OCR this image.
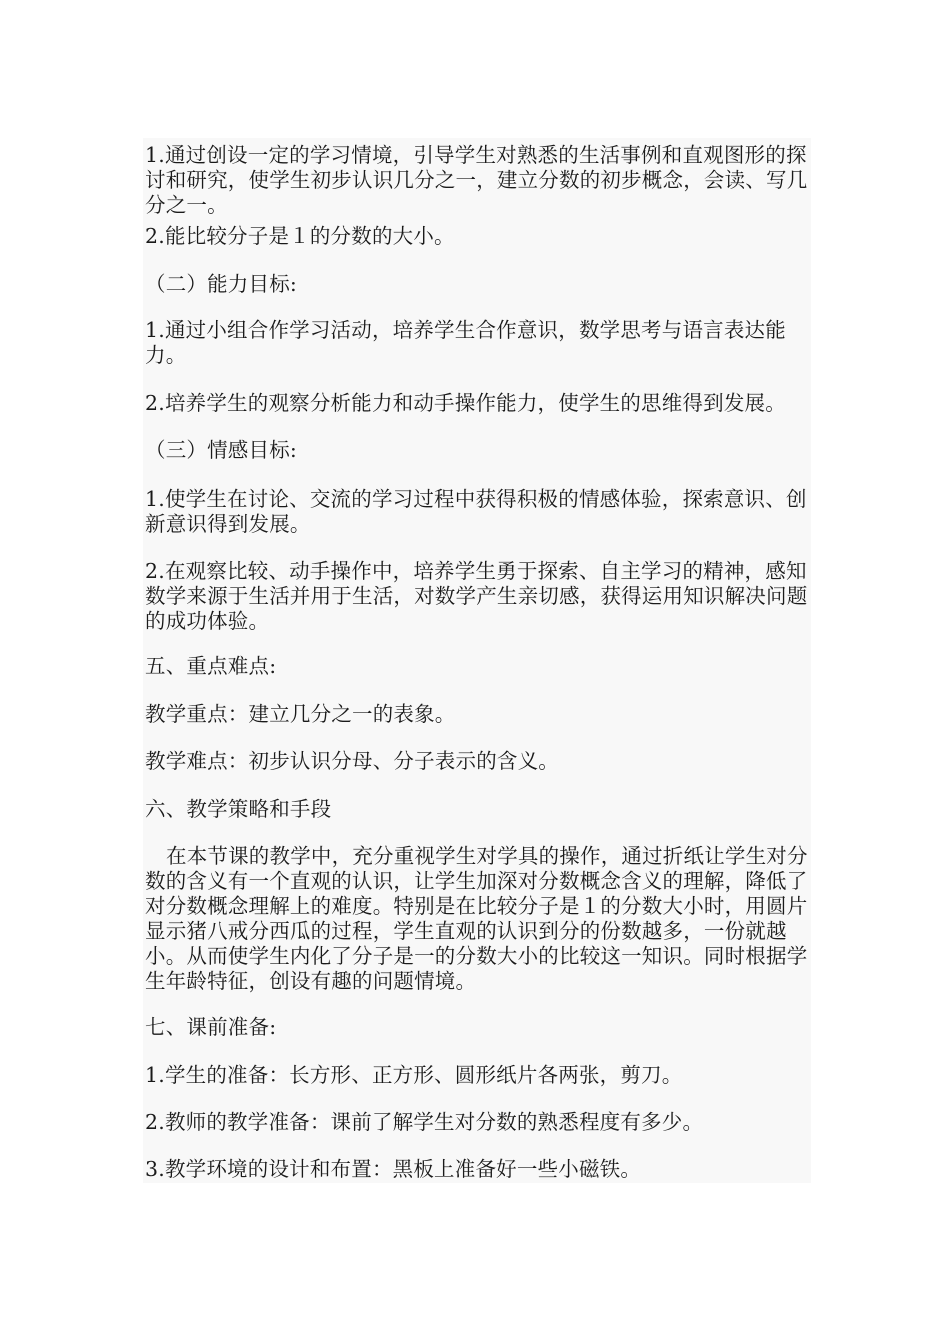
1.通过创设一定的学习情境，引导学生对熟悉的生活事例和直观图形的探讨和研究，使学生初步认识几分之一，建立分数的初步概念，会读、写几分之一。

2.能比较分子是１的分数的大小。

（二）能力目标:

1.通过小组合作学习活动，培养学生合作意识，数学思考与语言表达能力。

2.培养学生的观察分析能力和动手操作能力，使学生的思维得到发展。

（三）情感目标:

1.使学生在讨论、交流的学习过程中获得积极的情感体验，探索意识、创新意识得到发展。

2.在观察比较、动手操作中，培养学生勇于探索、自主学习的精神，感知数学来源于生活并用于生活，对数学产生亲切感，获得运用知识解决问题的成功体验。

五、重点难点:

教学重点：建立几分之一的表象。

教学难点：初步认识分母、分子表示的含义。

六、教学策略和手段

在本节课的教学中，充分重视学生对学具的操作，通过折纸让学生对分数的含义有一个直观的认识，让学生加深对分数概念含义的理解，降低了对分数概念理解上的难度。特别是在比较分子是１的分数大小时，用圆片显示猪八戒分西瓜的过程，学生直观的认识到分的份数越多，一份就越小。从而使学生内化了分子是一的分数大小的比较这一知识。同时根据学生年龄特征，创设有趣的问题情境。

七、课前准备:

1.学生的准备：长方形、正方形、圆形纸片各两张，剪刀。

2.教师的教学准备：课前了解学生对分数的熟悉程度有多少。

3.教学环境的设计和布置：黑板上准备好一些小磁铁。
